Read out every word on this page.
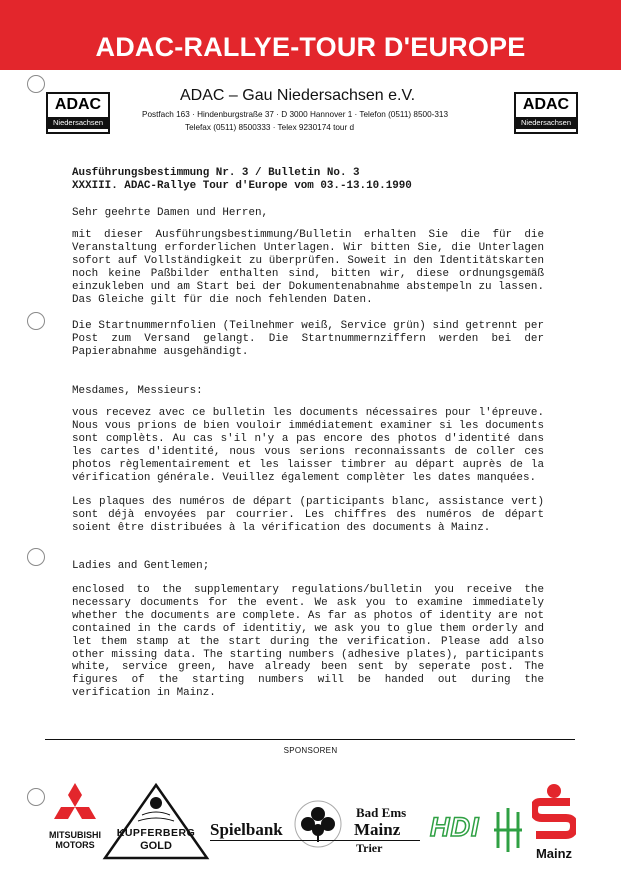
ADAC-RALLYE-TOUR D'EUROPE
ADAC
Niedersachsen
ADAC
Niedersachsen
ADAC – Gau Niedersachsen e.V.
Postfach 163 · Hindenburgstraße 37 · D 3000 Hannover 1 · Telefon (0511) 8500-313
Telefax (0511) 8500333 · Telex 9230174 tour d
Ausführungsbestimmung Nr. 3 / Bulletin No. 3
XXXIII. ADAC-Rallye Tour d'Europe vom 03.-13.10.1990

Sehr geehrte Damen und Herren,

mit dieser Ausführungsbestimmung/Bulletin erhalten Sie die für die Veranstaltung erforderlichen Unterlagen. Wir bitten Sie, die Unterlagen sofort auf Vollständigkeit zu überprüfen. Soweit in den Identitätskarten noch keine Paßbilder enthalten sind, bitten wir, diese ordnungsgemäß einzukleben und am Start bei der Dokumentenabnahme abstempeln zu lassen. Das Gleiche gilt für die noch fehlenden Daten.

Die Startnummernfolien (Teilnehmer weiß, Service grün) sind getrennt per Post zum Versand gelangt. Die Startnummernziffern werden bei der Papierabnahme ausgehändigt.

Mesdames, Messieurs:

vous recevez avec ce bulletin les documents nécessaires pour l'épreuve. Nous vous prions de bien vouloir immédiatement examiner si les documents sont complèts. Au cas s'il n'y a pas encore des photos d'identité dans les cartes d'identité, nous vous serions reconnaissants de coller ces photos règlementairement et les laisser timbrer au départ auprès de la vérification générale. Veuillez également complèter les dates manquées.

Les plaques des numéros de départ (participants blanc, assistance vert) sont déjà envoyées par courrier. Les chiffres des numéros de départ soient être distribuées à la vérification des documents à Mainz.

Ladies and Gentlemen;

enclosed to the supplementary regulations/bulletin you receive the necessary documents for the event. We ask you to examine immediately whether the documents are complete. As far as photos of identity are not contained in the cards of identitiy, we ask you to glue them orderly and let them stamp at the start during the verification. Please add also other missing data. The starting numbers (adhesive plates), participants white, service green, have already been sent by seperate post. The figures of the starting numbers will be handed out during the verification in Mainz.

SPONSOREN
MITSUBISHI
MOTORS
KUPFERBERG
GOLD
Spielbank
Bad Ems
Mainz
Trier
HDI
Mainz
